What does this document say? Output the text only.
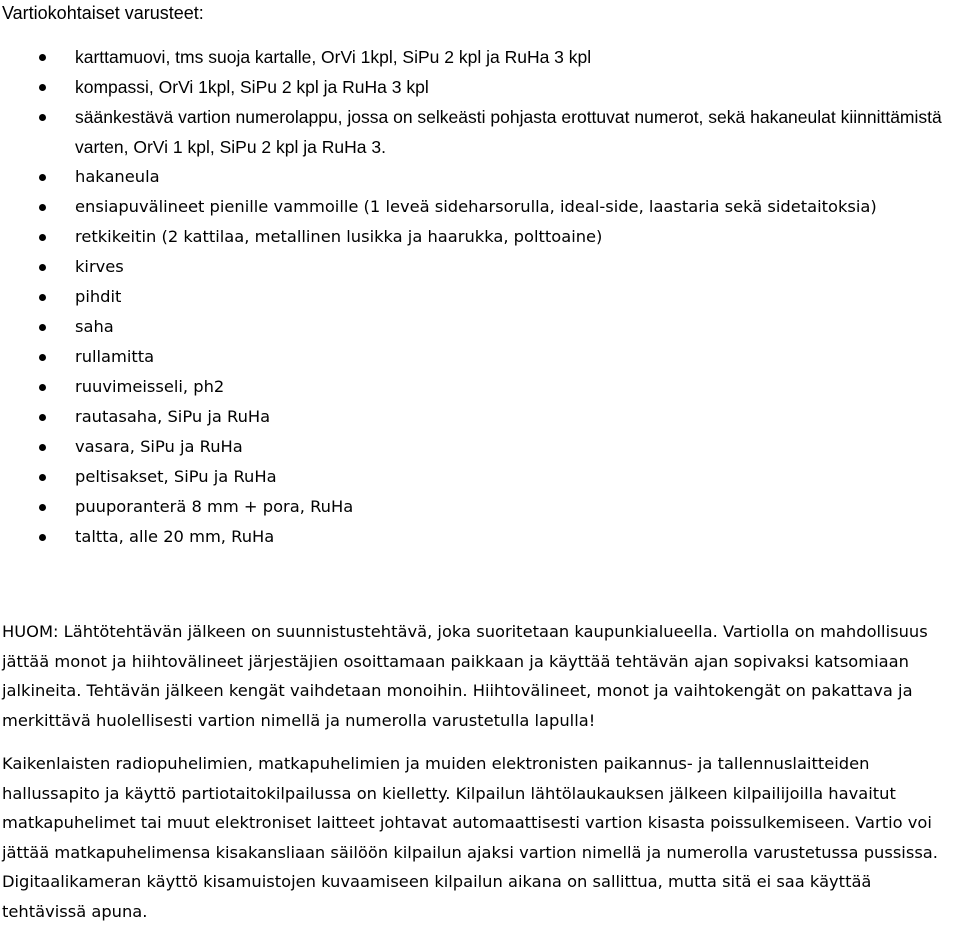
Vartiokohtaiset varusteet:
karttamuovi, tms suoja kartalle, OrVi 1kpl, SiPu 2 kpl ja RuHa 3 kpl
kompassi, OrVi 1kpl, SiPu 2 kpl ja RuHa 3 kpl
säänkestävä vartion numerolappu, jossa on selkeästi pohjasta erottuvat numerot, sekä hakaneulat kiinnittämistä varten, OrVi 1 kpl, SiPu 2 kpl ja RuHa 3.
hakaneula
ensiapuvälineet pienille vammoille (1 leveä sideharsorulla, ideal-side, laastaria sekä sidetaitoksia)
retkikeitin (2 kattilaa, metallinen lusikka ja haarukka, polttoaine)
kirves
pihdit
saha
rullamitta
ruuvimeisseli, ph2
rautasaha, SiPu ja RuHa
vasara, SiPu ja RuHa
peltisakset, SiPu ja RuHa
puuporanterä 8 mm + pora, RuHa
taltta, alle 20 mm, RuHa

HUOM: Lähtötehtävän jälkeen on suunnistustehtävä, joka suoritetaan kaupunkialueella. Vartiolla on mahdollisuus jättää monot ja hiihtovälineet järjestäjien osoittamaan paikkaan ja käyttää tehtävän ajan sopivaksi katsomiaan jalkineita. Tehtävän jälkeen kengät vaihdetaan monoihin. Hiihtovälineet, monot ja vaihtokengät on pakattava ja merkittävä huolellisesti vartion nimellä ja numerolla varustetulla lapulla!

Kaikenlaisten radiopuhelimien, matkapuhelimien ja muiden elektronisten paikannus- ja tallennuslaitteiden hallussapito ja käyttö partiotaitokilpailussa on kielletty. Kilpailun lähtölaukauksen jälkeen kilpailijoilla havaitut matkapuhelimet tai muut elektroniset laitteet johtavat automaattisesti vartion kisasta poissulkemiseen. Vartio voi jättää matkapuhelimensa kisakansliaan säilöön kilpailun ajaksi vartion nimellä ja numerolla varustetussa pussissa. Digitaalikameran käyttö kisamuistojen kuvaamiseen kilpailun aikana on sallittua, mutta sitä ei saa käyttää tehtävissä apuna.
